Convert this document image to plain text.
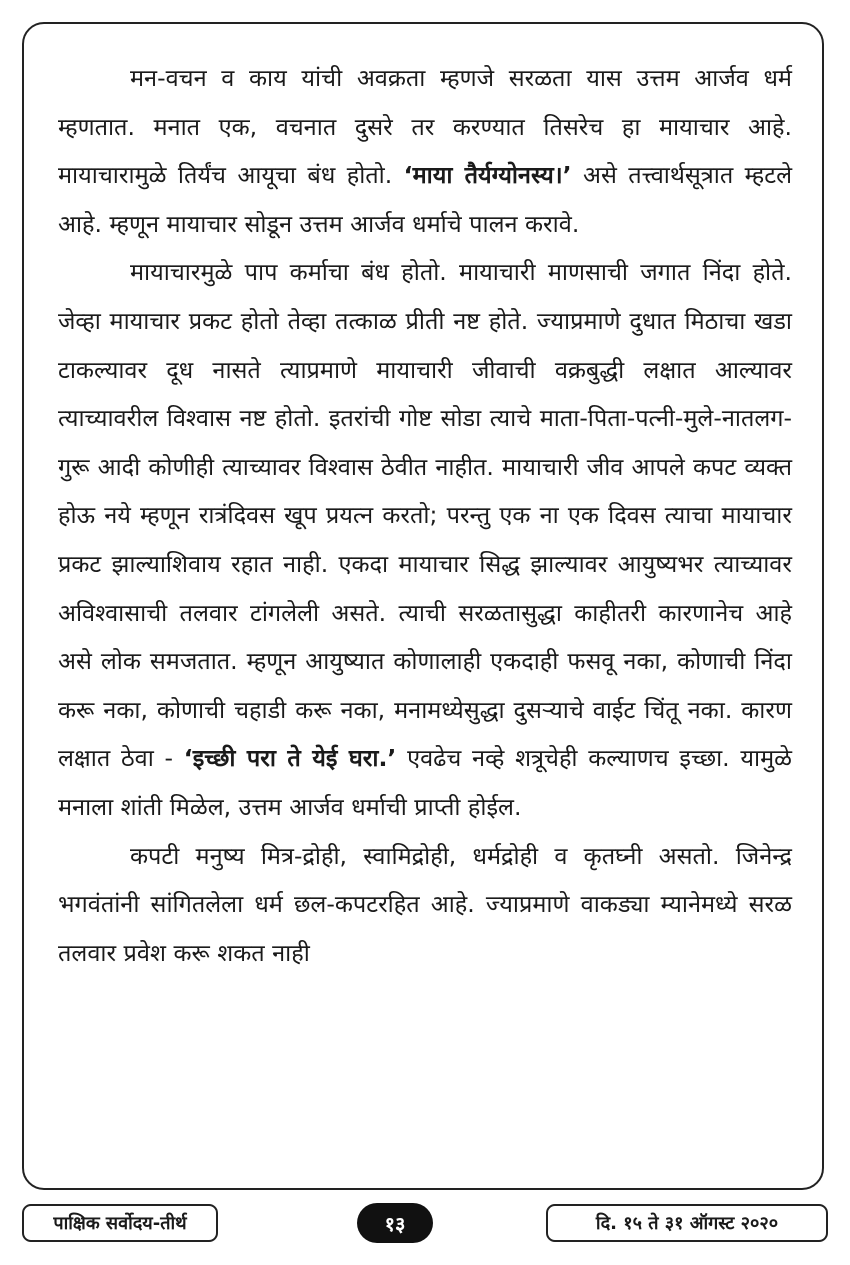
मन-वचन व काय यांची अवक्रता म्हणजे सरळता यास उत्तम आर्जव धर्म म्हणतात. मनात एक, वचनात दुसरे तर करण्यात तिसरेच हा मायाचार आहे. मायाचारामुळे तिर्यंच आयूचा बंध होतो. ‘माया तैर्यग्योनस्य।’ असे तत्त्वार्थसूत्रात म्हटले आहे. म्हणून मायाचार सोडून उत्तम आर्जव धर्माचे पालन करावे.

मायाचारमुळे पाप कर्माचा बंध होतो. मायाचारी माणसाची जगात निंदा होते. जेव्हा मायाचार प्रकट होतो तेव्हा तत्काळ प्रीती नष्ट होते. ज्याप्रमाणे दुधात मिठाचा खडा टाकल्यावर दूध नासते त्याप्रमाणे मायाचारी जीवाची वक्रबुद्धी लक्षात आल्यावर त्याच्यावरील विश्वास नष्ट होतो. इतरांची गोष्ट सोडा त्याचे माता-पिता-पत्नी-मुले-नातलग-गुरू आदी कोणीही त्याच्यावर विश्वास ठेवीत नाहीत. मायाचारी जीव आपले कपट व्यक्त होऊ नये म्हणून रात्रंदिवस खूप प्रयत्न करतो; परन्तु एक ना एक दिवस त्याचा मायाचार प्रकट झाल्याशिवाय रहात नाही. एकदा मायाचार सिद्ध झाल्यावर आयुष्यभर त्याच्यावर अविश्वासाची तलवार टांगलेली असते. त्याची सरळतासुद्धा काहीतरी कारणानेच आहे असे लोक समजतात. म्हणून आयुष्यात कोणालाही एकदाही फसवू नका, कोणाची निंदा करू नका, कोणाची चहाडी करू नका, मनामध्येसुद्धा दुसऱ्याचे वाईट चिंतू नका. कारण लक्षात ठेवा - ‘इच्छी परा ते येई घरा.’ एवढेच नव्हे शत्रूचेही कल्याणच इच्छा. यामुळे मनाला शांती मिळेल, उत्तम आर्जव धर्माची प्राप्ती होईल.

कपटी मनुष्य मित्र-द्रोही, स्वामिद्रोही, धर्मद्रोही व कृतघ्नी असतो. जिनेन्द्र भगवंतांनी सांगितलेला धर्म छल-कपटरहित आहे. ज्याप्रमाणे वाकड्या म्यानेमध्ये सरळ तलवार प्रवेश करू शकत नाही

पाक्षिक सर्वोदय-तीर्थ	१३	दि. १५ ते ३१ ऑगस्ट २०२०
